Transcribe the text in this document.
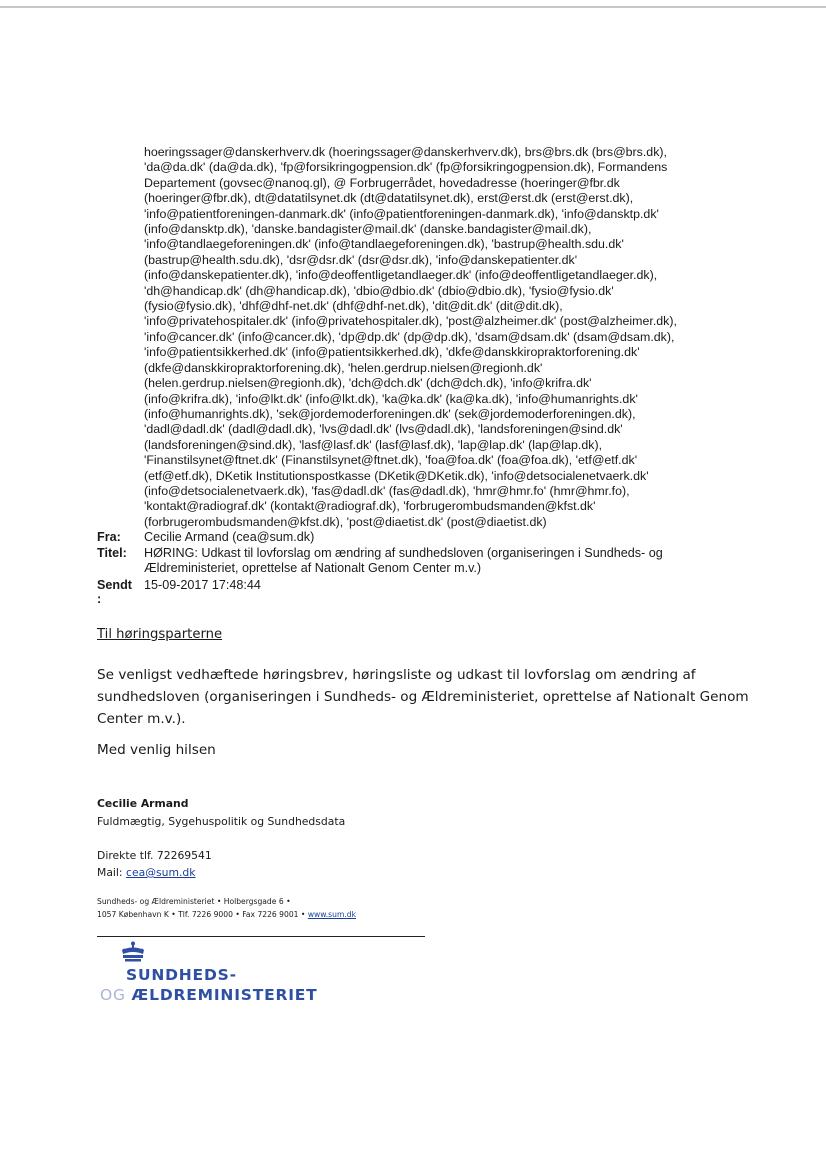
hoeringssager@danskerhverv.dk (hoeringssager@danskerhverv.dk), brs@brs.dk (brs@brs.dk),
'da@da.dk' (da@da.dk), 'fp@forsikringogpension.dk' (fp@forsikringogpension.dk), Formandens
Departement (govsec@nanoq.gl), @ Forbrugerrådet, hovedadresse (hoeringer@fbr.dk
(hoeringer@fbr.dk), dt@datatilsynet.dk (dt@datatilsynet.dk), erst@erst.dk (erst@erst.dk),
'info@patientforeningen-danmark.dk' (info@patientforeningen-danmark.dk), 'info@dansktp.dk'
(info@dansktp.dk), 'danske.bandagister@mail.dk' (danske.bandagister@mail.dk),
'info@tandlaegeforeningen.dk' (info@tandlaegeforeningen.dk), 'bastrup@health.sdu.dk'
(bastrup@health.sdu.dk), 'dsr@dsr.dk' (dsr@dsr.dk), 'info@danskepatienter.dk'
(info@danskepatienter.dk), 'info@deoffentligetandlaeger.dk' (info@deoffentligetandlaeger.dk),
'dh@handicap.dk' (dh@handicap.dk), 'dbio@dbio.dk' (dbio@dbio.dk), 'fysio@fysio.dk'
(fysio@fysio.dk), 'dhf@dhf-net.dk' (dhf@dhf-net.dk), 'dit@dit.dk' (dit@dit.dk),
'info@privatehospitaler.dk' (info@privatehospitaler.dk), 'post@alzheimer.dk' (post@alzheimer.dk),
'info@cancer.dk' (info@cancer.dk), 'dp@dp.dk' (dp@dp.dk), 'dsam@dsam.dk' (dsam@dsam.dk),
'info@patientsikkerhed.dk' (info@patientsikkerhed.dk), 'dkfe@danskkiropraktorforening.dk'
(dkfe@danskkiropraktorforening.dk), 'helen.gerdrup.nielsen@regionh.dk'
(helen.gerdrup.nielsen@regionh.dk), 'dch@dch.dk' (dch@dch.dk), 'info@krifra.dk'
(info@krifra.dk), 'info@lkt.dk' (info@lkt.dk), 'ka@ka.dk' (ka@ka.dk), 'info@humanrights.dk'
(info@humanrights.dk), 'sek@jordemoderforeningen.dk' (sek@jordemoderforeningen.dk),
'dadl@dadl.dk' (dadl@dadl.dk), 'lvs@dadl.dk' (lvs@dadl.dk), 'landsforeningen@sind.dk'
(landsforeningen@sind.dk), 'lasf@lasf.dk' (lasf@lasf.dk), 'lap@lap.dk' (lap@lap.dk),
'Finanstilsynet@ftnet.dk' (Finanstilsynet@ftnet.dk), 'foa@foa.dk' (foa@foa.dk), 'etf@etf.dk'
(etf@etf.dk), DKetik Institutionspostkasse (DKetik@DKetik.dk), 'info@detsocialenetvaerk.dk'
(info@detsocialenetvaerk.dk), 'fas@dadl.dk' (fas@dadl.dk), 'hmr@hmr.fo' (hmr@hmr.fo),
'kontakt@radiograf.dk' (kontakt@radiograf.dk), 'forbrugerombudsmanden@kfst.dk'
(forbrugerombudsmanden@kfst.dk), 'post@diaetist.dk' (post@diaetist.dk)
Fra: Cecilie Armand (cea@sum.dk)
Titel: HØRING: Udkast til lovforslag om ændring af sundhedsloven (organiseringen i Sundheds- og
Ældreministeriet, oprettelse af Nationalt Genom Center m.v.)
Sendt 15-09-2017 17:48:44
:
Til høringsparterne
Se venligst vedhæftede høringsbrev, høringsliste og udkast til lovforslag om ændring af
sundhedsloven (organiseringen i Sundheds- og Ældreministeriet, oprettelse af Nationalt Genom
Center m.v.).
Med venlig hilsen
Cecilie Armand
Fuldmægtig, Sygehuspolitik og Sundhedsdata
Direkte tlf. 72269541
Mail: cea@sum.dk
Sundheds- og Ældreministeriet • Holbergsgade 6 •
1057 København K • Tlf. 7226 9000 • Fax 7226 9001 • www.sum.dk
SUNDHEDS-
OG ÆLDREMINISTERIET
